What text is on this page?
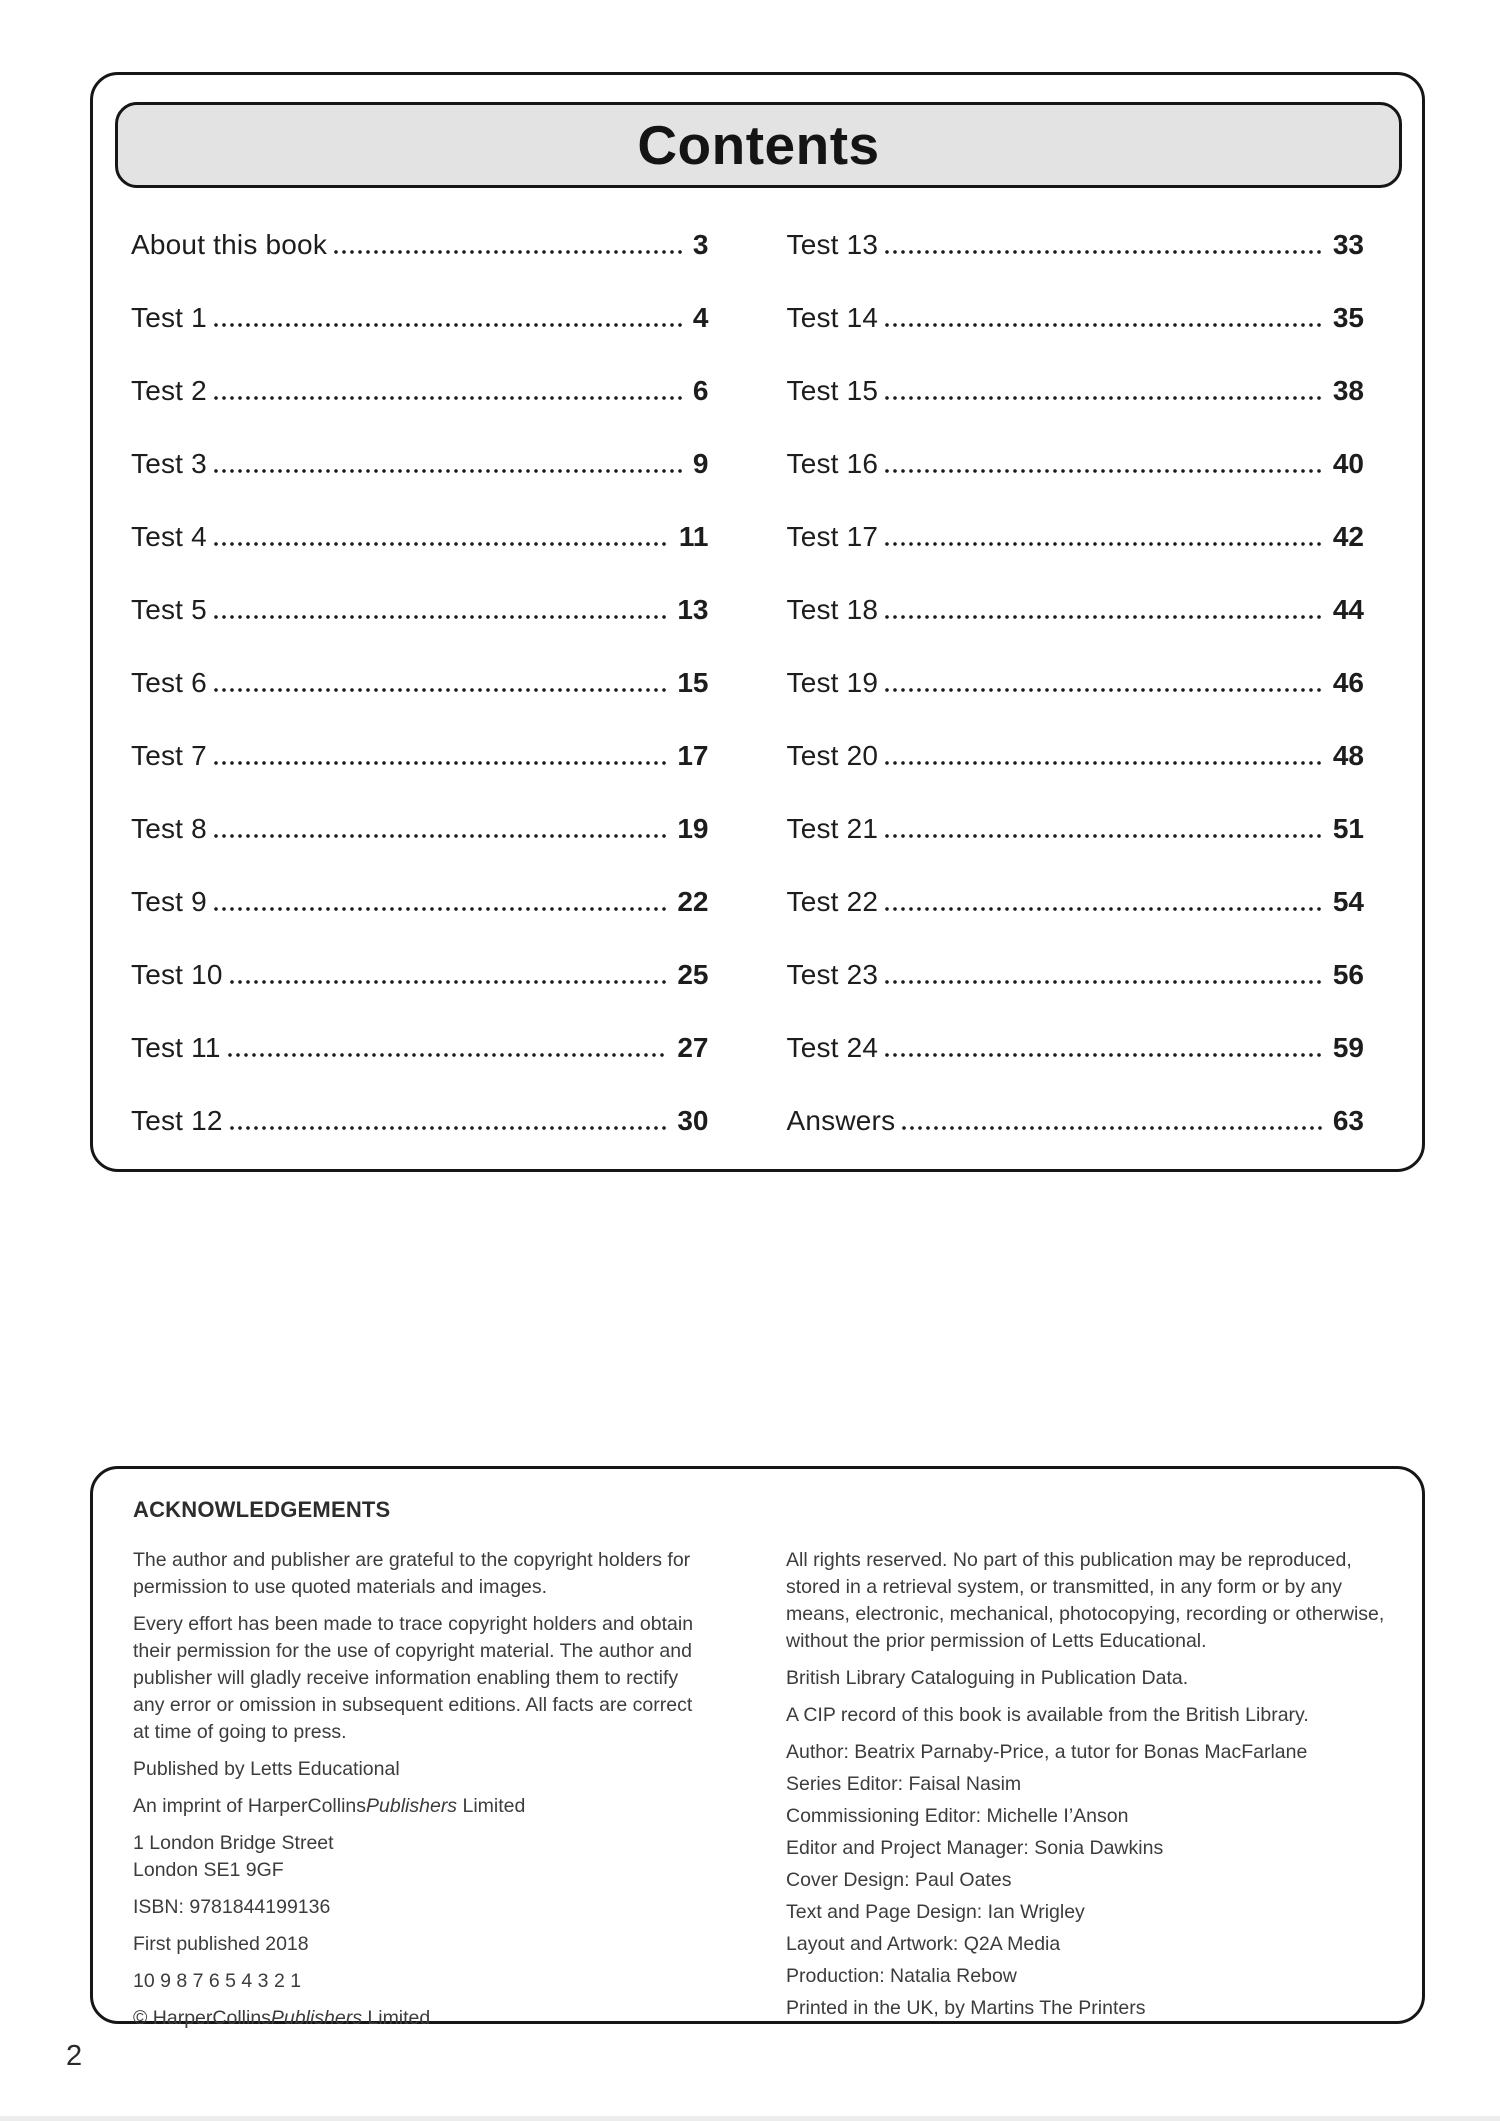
Contents
About this book	3
Test 1	4
Test 2	6
Test 3	9
Test 4	11
Test 5	13
Test 6	15
Test 7	17
Test 8	19
Test 9	22
Test 10	25
Test 11	27
Test 12	30
Test 13	33
Test 14	35
Test 15	38
Test 16	40
Test 17	42
Test 18	44
Test 19	46
Test 20	48
Test 21	51
Test 22	54
Test 23	56
Test 24	59
Answers	63
ACKNOWLEDGEMENTS

The author and publisher are grateful to the copyright holders for permission to use quoted materials and images.

Every effort has been made to trace copyright holders and obtain their permission for the use of copyright material. The author and publisher will gladly receive information enabling them to rectify any error or omission in subsequent editions. All facts are correct at time of going to press.

Published by Letts Educational

An imprint of HarperCollinsPublishers Limited

1 London Bridge Street
London SE1 9GF

ISBN: 9781844199136

First published 2018

10 9 8 7 6 5 4 3 2 1

© HarperCollinsPublishers Limited

All rights reserved. No part of this publication may be reproduced, stored in a retrieval system, or transmitted, in any form or by any means, electronic, mechanical, photocopying, recording or otherwise, without the prior permission of Letts Educational.

British Library Cataloguing in Publication Data.

A CIP record of this book is available from the British Library.

Author: Beatrix Parnaby-Price, a tutor for Bonas MacFarlane

Series Editor: Faisal Nasim

Commissioning Editor: Michelle I’Anson

Editor and Project Manager: Sonia Dawkins

Cover Design: Paul Oates

Text and Page Design: Ian Wrigley

Layout and Artwork: Q2A Media

Production: Natalia Rebow

Printed in the UK, by Martins The Printers

2
